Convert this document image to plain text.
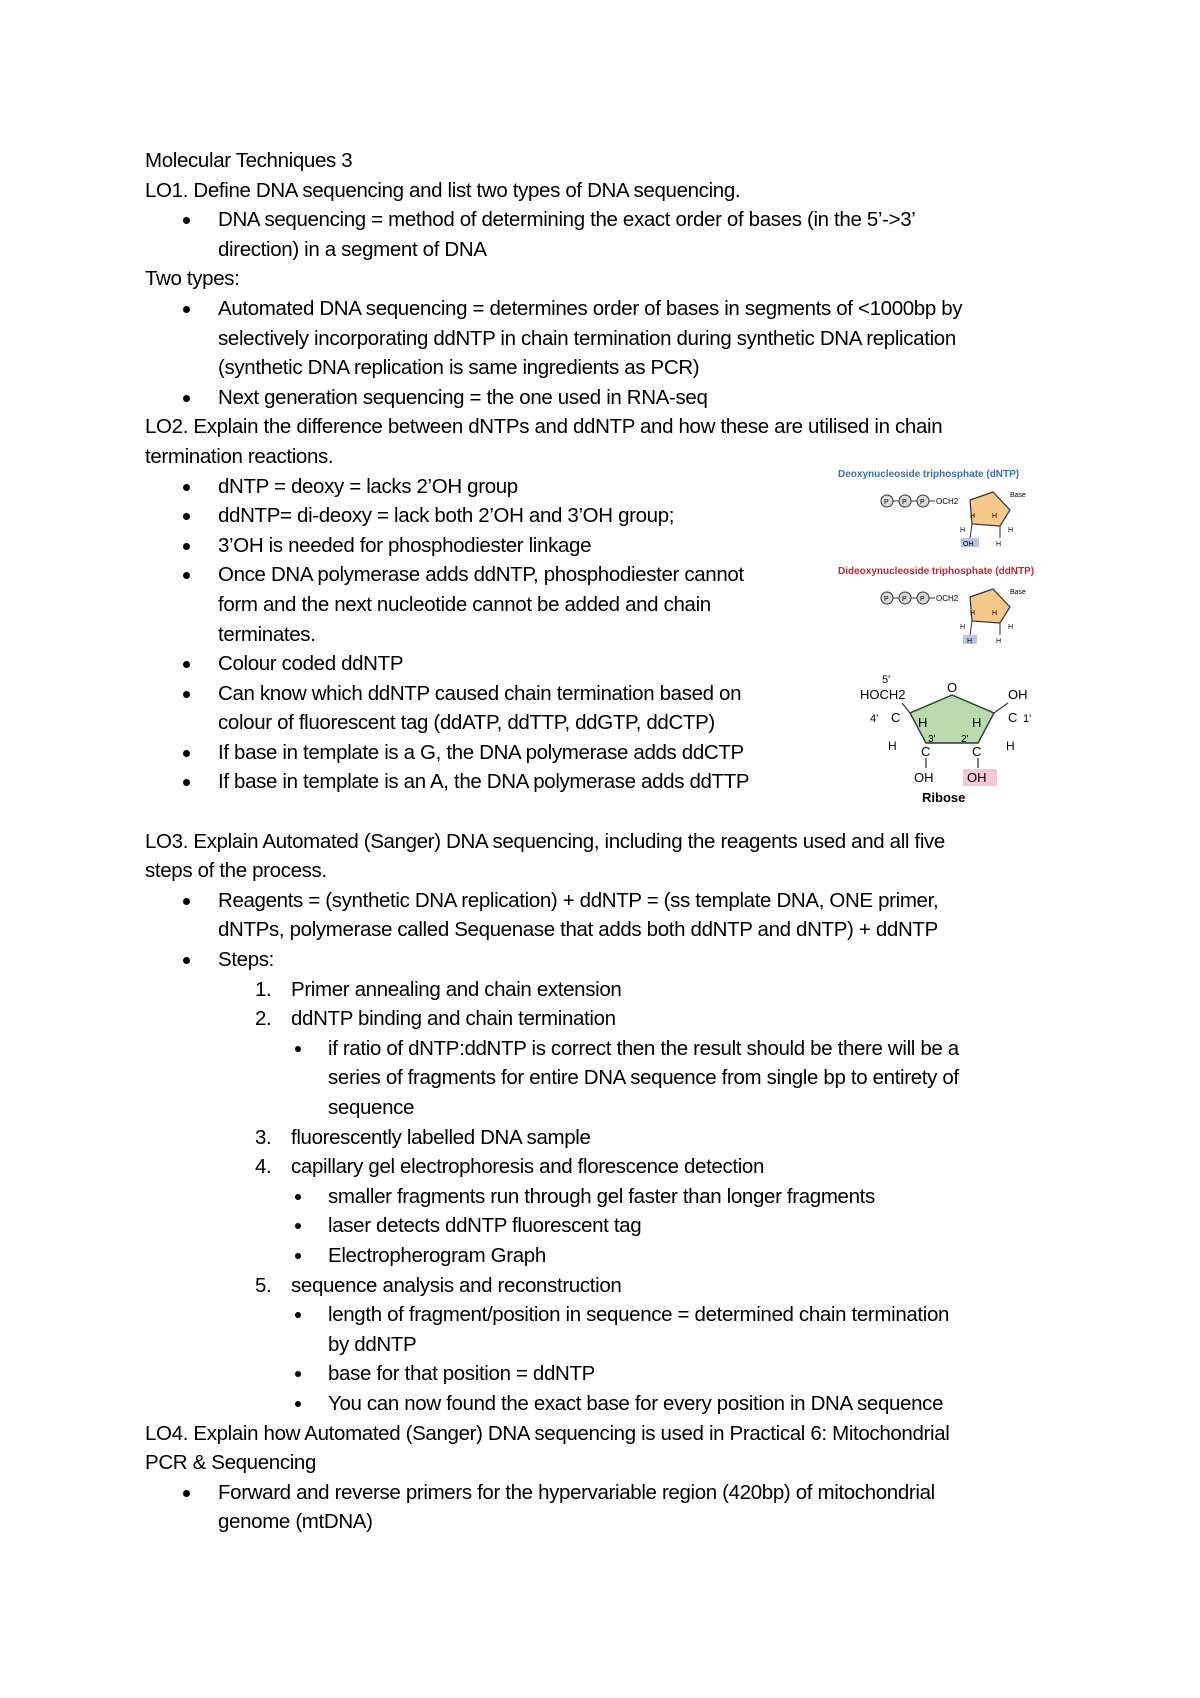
Molecular Techniques 3

LO1. Define DNA sequencing and list two types of DNA sequencing.

DNA sequencing = method of determining the exact order of bases (in the 5’->3’
direction) in a segment of DNA

Two types:

Automated DNA sequencing = determines order of bases in segments of <1000bp by
selectively incorporating ddNTP in chain termination during synthetic DNA replication
(synthetic DNA replication is same ingredients as PCR)
Next generation sequencing = the one used in RNA-seq

LO2. Explain the difference between dNTPs and ddNTP and how these are utilised in chain

termination reactions.

dNTP = deoxy = lacks 2’OH group
ddNTP= di-deoxy = lack both 2’OH and 3’OH group;
3’OH is needed for phosphodiester linkage
Once DNA polymerase adds ddNTP, phosphodiester cannot
form and the next nucleotide cannot be added and chain
terminates.
Colour coded ddNTP
Can know which ddNTP caused chain termination based on
colour of fluorescent tag (ddATP, ddTTP, ddGTP, ddCTP)
If base in template is a G, the DNA polymerase adds ddCTP
If base in template is an A, the DNA polymerase adds ddTTP

LO3. Explain Automated (Sanger) DNA sequencing, including the reagents used and all five

steps of the process.

Reagents = (synthetic DNA replication) + ddNTP = (ss template DNA, ONE primer,
dNTPs, polymerase called Sequenase that adds both ddNTP and dNTP) + ddNTP
Steps:
1. Primer annealing and chain extension
2. ddNTP binding and chain termination
if ratio of dNTP:ddNTP is correct then the result should be there will be a
series of fragments for entire DNA sequence from single bp to entirety of
sequence
3. fluorescently labelled DNA sample
4. capillary gel electrophoresis and florescence detection
smaller fragments run through gel faster than longer fragments
laser detects ddNTP fluorescent tag
Electropherogram Graph
5. sequence analysis and reconstruction
length of fragment/position in sequence = determined chain termination
by ddNTP
base for that position = ddNTP
You can now found the exact base for every position in DNA sequence

LO4. Explain how Automated (Sanger) DNA sequencing is used in Practical 6: Mitochondrial

PCR & Sequencing

Forward and reverse primers for the hypervariable region (420bp) of mitochondrial
genome (mtDNA)
Deoxynucleoside triphosphate (dNTP)
P P P OCH2
Base
H H
H	H
OH	H
Dideoxynucleoside triphosphate (ddNTP)
P P P OCH2
Base
H H
H	H
H	H
5'
HOCH2	O	OH
4' C	C 1'
H	H
3'	2'
H	H
C	C
OH	OH
Ribose
